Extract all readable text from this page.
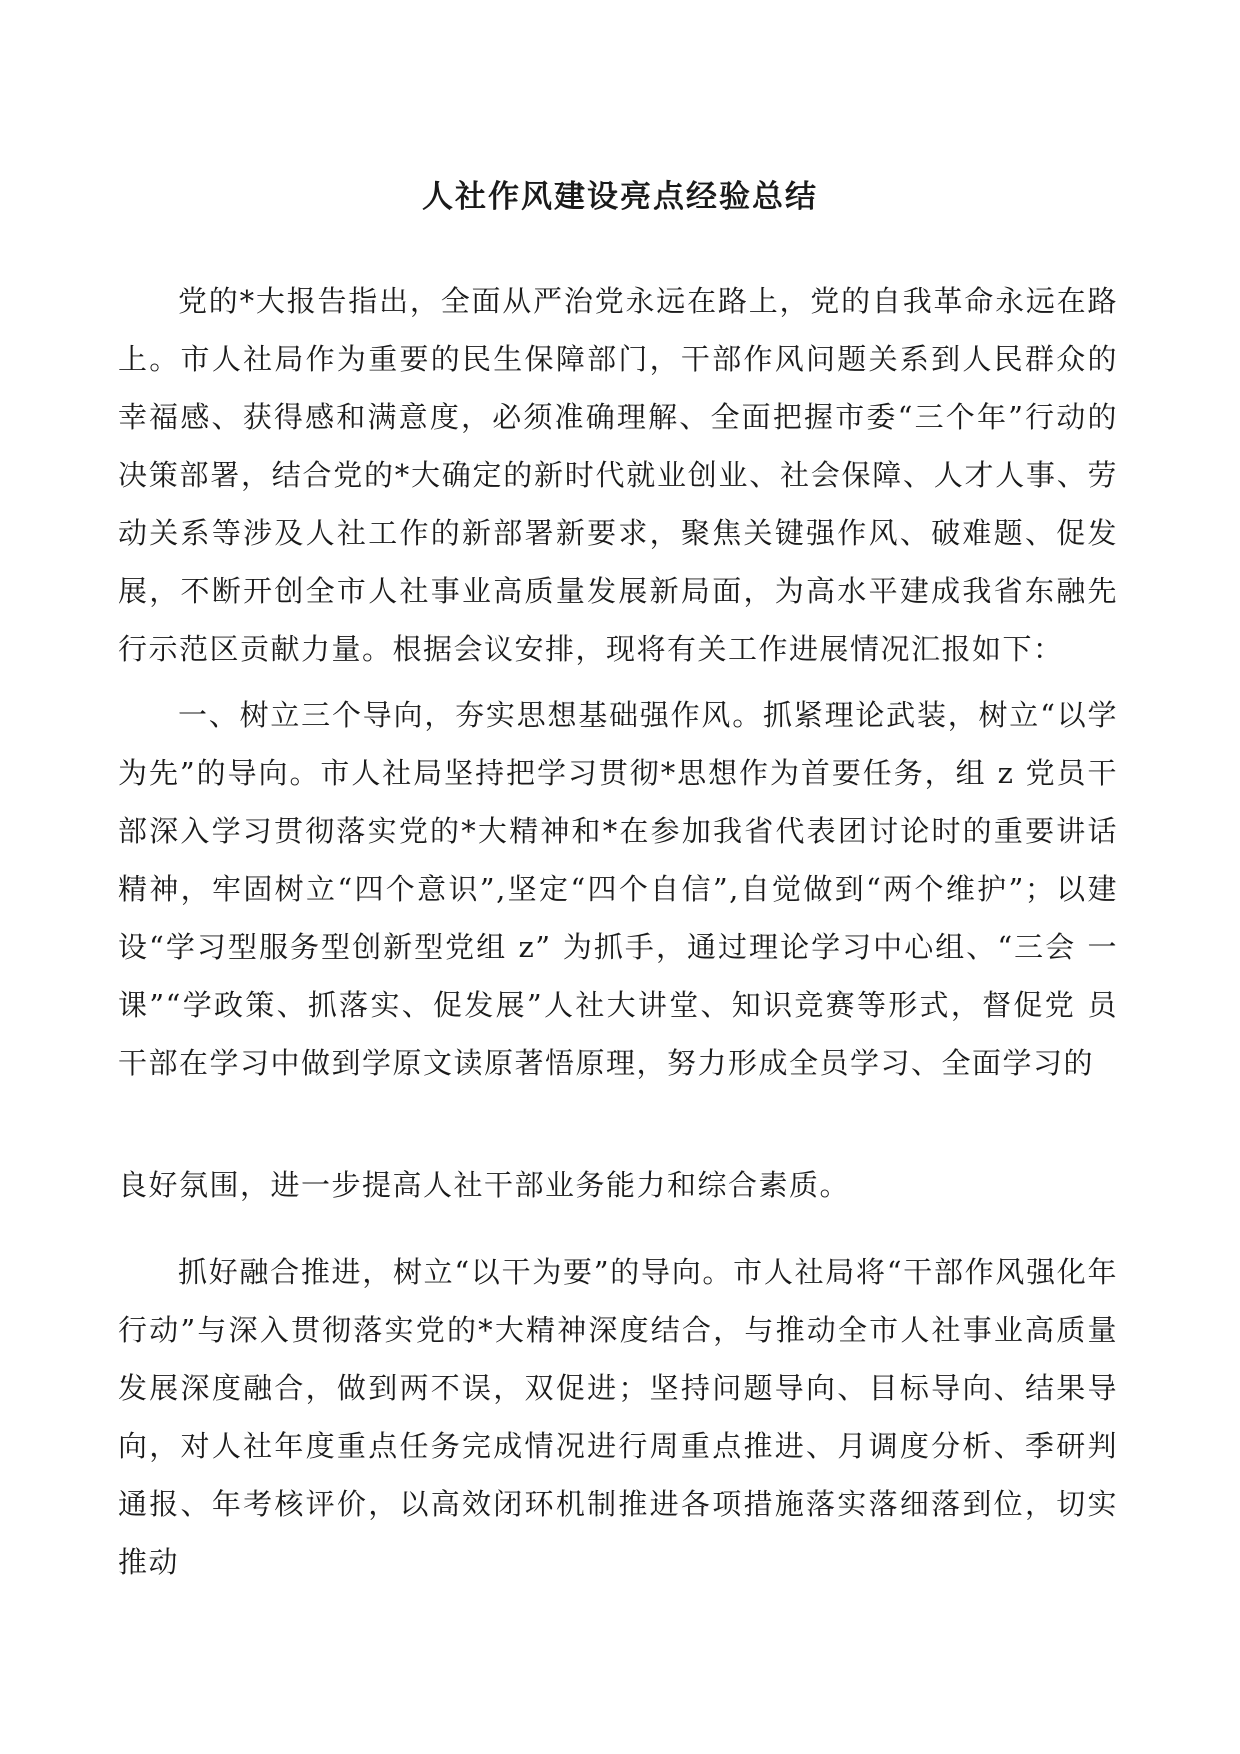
人社作风建设亮点经验总结

党的*大报告指出，全面从严治党永远在路上，党的自我革命永远在路上。市人社局作为重要的民生保障部门，干部作风问题关系到人民群众的幸福感、获得感和满意度，必须准确理解、全面把握市委“三个年”行动的决策部署，结合党的*大确定的新时代就业创业、社会保障、人才人事、劳动关系等涉及人社工作的新部署新要求，聚焦关键强作风、破难题、促发展，不断开创全市人社事业高质量发展新局面，为高水平建成我省东融先行示范区贡献力量。根据会议安排，现将有关工作进展情况汇报如下：

一、树立三个导向，夯实思想基础强作风。抓紧理论武装，树立“以学为先”的导向。市人社局坚持把学习贯彻*思想作为首要任务，组 z 党员干部深入学习贯彻落实党的*大精神和*在参加我省代表团讨论时的重要讲话精神，牢固树立“四个意识”,坚定“四个自信”,自觉做到“两个维护”；以建设“学习型服务型创新型党组 z” 为抓手，通过理论学习中心组、“三会 一课”“学政策、抓落实、促发展”人社大讲堂、知识竞赛等形式，督促党 员干部在学习中做到学原文读原著悟原理，努力形成全员学习、全面学习的

良好氛围，进一步提高人社干部业务能力和综合素质。

抓好融合推进，树立“以干为要”的导向。市人社局将“干部作风强化年行动”与深入贯彻落实党的*大精神深度结合，与推动全市人社事业高质量发展深度融合，做到两不误，双促进；坚持问题导向、目标导向、结果导向，对人社年度重点任务完成情况进行周重点推进、月调度分析、季研判通报、年考核评价，以高效闭环机制推进各项措施落实落细落到位，切实推动
